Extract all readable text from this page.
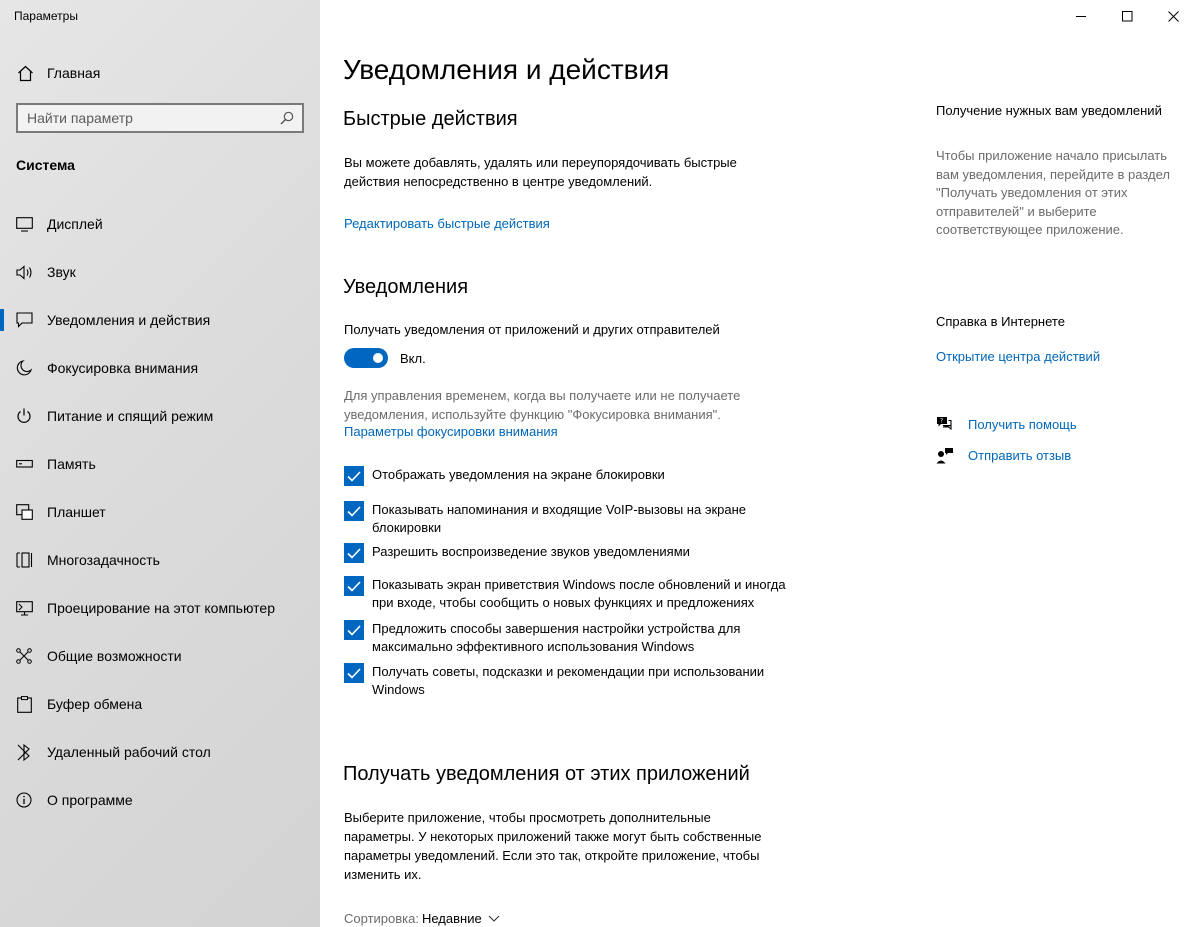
Параметры
Главная
Найти параметр
Система
Дисплей
Звук
Уведомления и действия
Фокусировка внимания
Питание и спящий режим
Память
Планшет
Многозадачность
Проецирование на этот компьютер
Общие возможности
Буфер обмена
Удаленный рабочий стол
О программе
Уведомления и действия
Быстрые действия
Вы можете добавлять, удалять или переупорядочивать быстрые действия непосредственно в центре уведомлений.
Редактировать быстрые действия
Уведомления
Получать уведомления от приложений и других отправителей
Вкл.
Для управления временем, когда вы получаете или не получаете уведомления, используйте функцию "Фокусировка внимания".
Параметры фокусировки внимания
Отображать уведомления на экране блокировки
Показывать напоминания и входящие VoIP-вызовы на экране блокировки
Разрешить воспроизведение звуков уведомлениями
Показывать экран приветствия Windows после обновлений и иногда при входе, чтобы сообщить о новых функциях и предложениях
Предложить способы завершения настройки устройства для максимально эффективного использования Windows
Получать советы, подсказки и рекомендации при использовании Windows
Получать уведомления от этих приложений
Выберите приложение, чтобы просмотреть дополнительные параметры. У некоторых приложений также могут быть собственные параметры уведомлений. Если это так, откройте приложение, чтобы изменить их.
Сортировка: Недавние
Получение нужных вам уведомлений
Чтобы приложение начало присылать вам уведомления, перейдите в раздел "Получать уведомления от этих отправителей" и выберите соответствующее приложение.
Справка в Интернете
Открытие центра действий
? Получить помощь
Отправить отзыв
